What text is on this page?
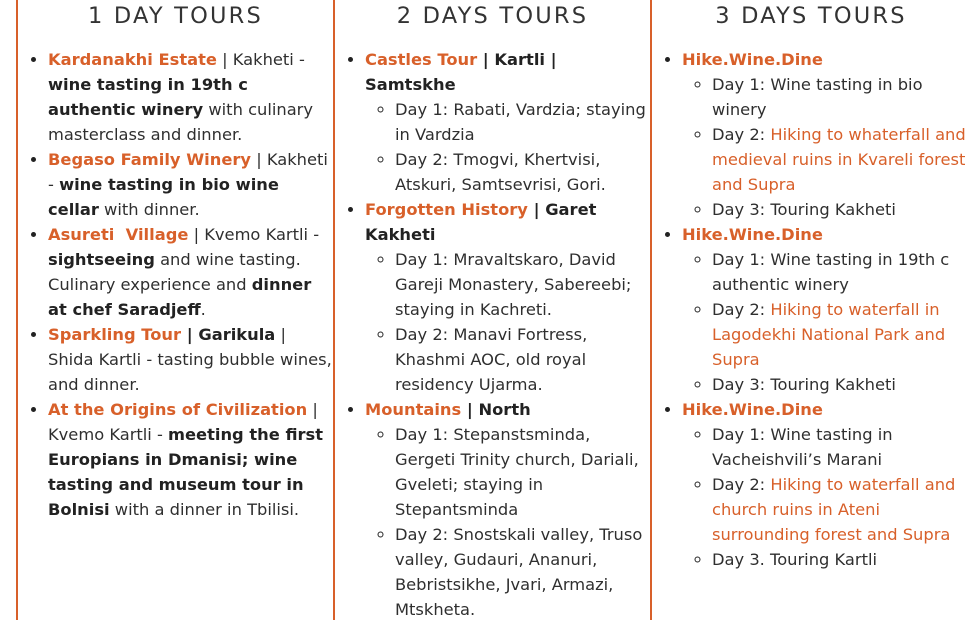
1 DAY TOURS
• Kardanakhi Estate | Kakheti - wine tasting in 19th c authentic winery with culinary masterclass and dinner.
• Begaso Family Winery | Kakheti - wine tasting in bio wine cellar with dinner.
• Asureti  Village | Kvemo Kartli - sightseeing and wine tasting. Culinary experience and dinner at chef Saradjeff.
• Sparkling Tour | Garikula | Shida Kartli - tasting bubble wines, and dinner.
• At the Origins of Civilization | Kvemo Kartli - meeting the first Europians in Dmanisi; wine tasting and museum tour in Bolnisi with a dinner in Tbilisi.
2 DAYS TOURS
• Castles Tour | Kartli | Samtskhe
◦ Day 1: Rabati, Vardzia; staying in Vardzia
◦ Day 2: Tmogvi, Khertvisi, Atskuri, Samtsevrisi, Gori.
• Forgotten History | Garet Kakheti
◦ Day 1: Mravaltskaro, David Gareji Monastery, Sabereebi; staying in Kachreti.
◦ Day 2: Manavi Fortress, Khashmi AOC, old royal residency Ujarma.
• Mountains | North
◦ Day 1: Stepanstsminda, Gergeti Trinity church, Dariali, Gveleti; staying in Stepantsminda
◦ Day 2: Snostskali valley, Truso valley, Gudauri, Ananuri, Bebristsikhe, Jvari, Armazi, Mtskheta.
3 DAYS TOURS
• Hike.Wine.Dine
◦ Day 1: Wine tasting in bio winery
◦ Day 2: Hiking to whaterfall and medieval ruins in Kvareli forest and Supra
◦ Day 3: Touring Kakheti
• Hike.Wine.Dine
◦ Day 1: Wine tasting in 19th c authentic winery
◦ Day 2: Hiking to waterfall in Lagodekhi National Park and Supra
◦ Day 3: Touring Kakheti
• Hike.Wine.Dine
◦ Day 1: Wine tasting in Vacheishvili’s Marani
◦ Day 2: Hiking to waterfall and church ruins in Ateni surrounding forest and Supra
◦ Day 3. Touring Kartli
